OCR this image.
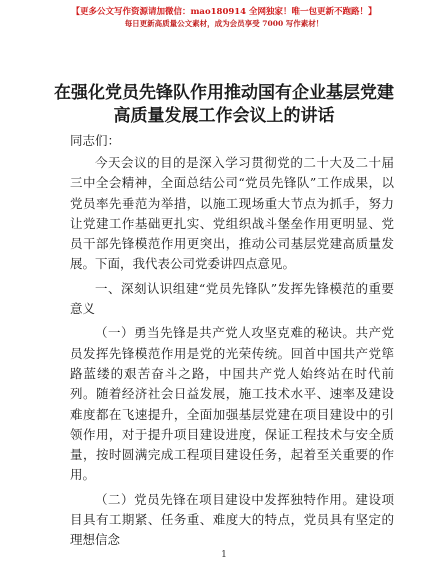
【更多公文写作资源请加微信：mao180914 全网独家！唯一包更新不跑路！】
每日更新高质量公文素材，成为会员享受 7000 写作素材！
在强化党员先锋队作用推动国有企业基层党建
高质量发展工作会议上的讲话
同志们：

今天会议的目的是深入学习贯彻党的二十大及二十届三中全会精神，全面总结公司“党员先锋队”工作成果，以党员率先垂范为举措，以施工现场重大节点为抓手，努力让党建工作基础更扎实、党组织战斗堡垒作用更明显、党员干部先锋模范作用更突出，推动公司基层党建高质量发展。下面，我代表公司党委讲四点意见。

一、深刻认识组建“党员先锋队”发挥先锋模范的重要意义

（一）勇当先锋是共产党人攻坚克难的秘诀。共产党员发挥先锋模范作用是党的光荣传统。回首中国共产党筚路蓝缕的艰苦奋斗之路，中国共产党人始终站在时代前列。随着经济社会日益发展，施工技术水平、速率及建设难度都在飞速提升，全面加强基层党建在项目建设中的引领作用，对于提升项目建设进度，保证工程技术与安全质量，按时圆满完成工程项目建设任务，起着至关重要的作用。

（二）党员先锋在项目建设中发挥独特作用。建设项目具有工期紧、任务重、难度大的特点，党员具有坚定的理想信念

1
